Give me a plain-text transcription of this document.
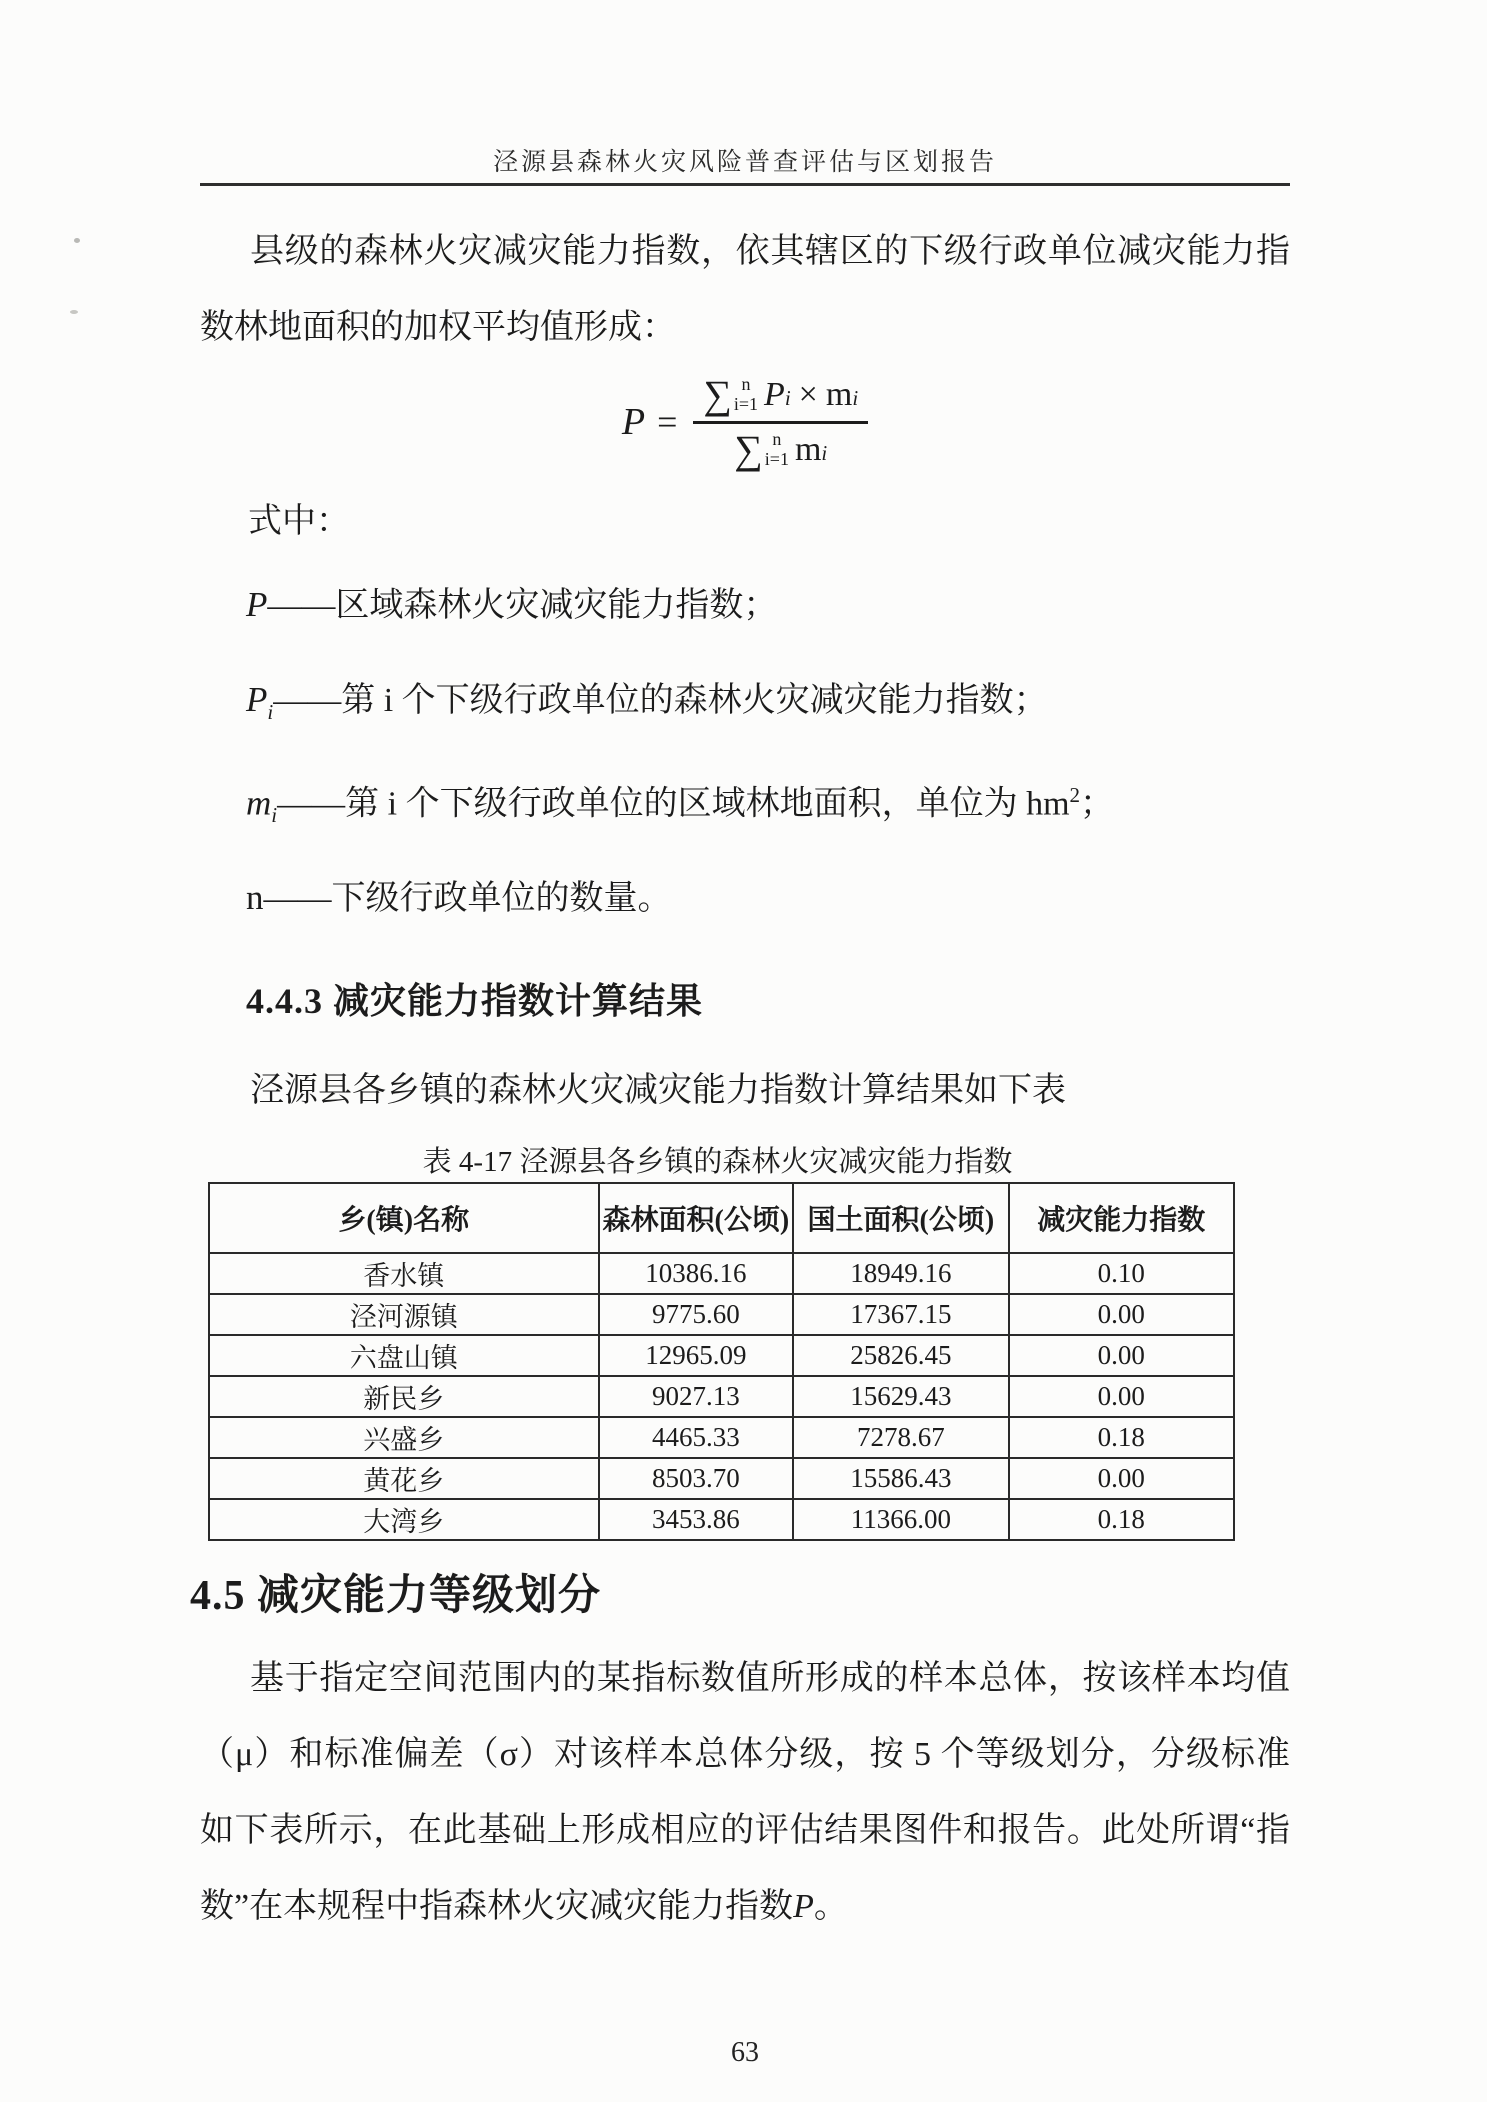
泾源县森林火灾风险普查评估与区划报告

县级的森林火灾减灾能力指数，依其辖区的下级行政单位减灾能力指数林地面积的加权平均值形成：

P =
∑ n
i=1 P i × m i
∑ n
i=1 m i

式中：

P——区域森林火灾减灾能力指数；

$P_i——$第 i 个下级行政单位的森林火灾减灾能力指数；

$m_i——$第 i 个下级行政单位的区域林地面积，单位为 $hm^2$；

n——下级行政单位的数量。

4.4.3 减灾能力指数计算结果

泾源县各乡镇的森林火灾减灾能力指数计算结果如下表

表 4-17 泾源县各乡镇的森林火灾减灾能力指数
乡(镇)名称	森林面积(公顷)	国土面积(公顷)	减灾能力指数
香水镇	10386.16	18949.16	0.10
泾河源镇	9775.60	17367.15	0.00
六盘山镇	12965.09	25826.45	0.00
新民乡	9027.13	15629.43	0.00
兴盛乡	4465.33	7278.67	0.18
黄花乡	8503.70	15586.43	0.00
大湾乡	3453.86	11366.00	0.18
4.5 减灾能力等级划分

基于指定空间范围内的某指标数值所形成的样本总体，按该样本均值（μ）和标准偏差（σ）对该样本总体分级，按 5 个等级划分，分级标准如下表所示，在此基础上形成相应的评估结果图件和报告。此处所谓“指数”在本规程中指森林火灾减灾能力指数P。

63
